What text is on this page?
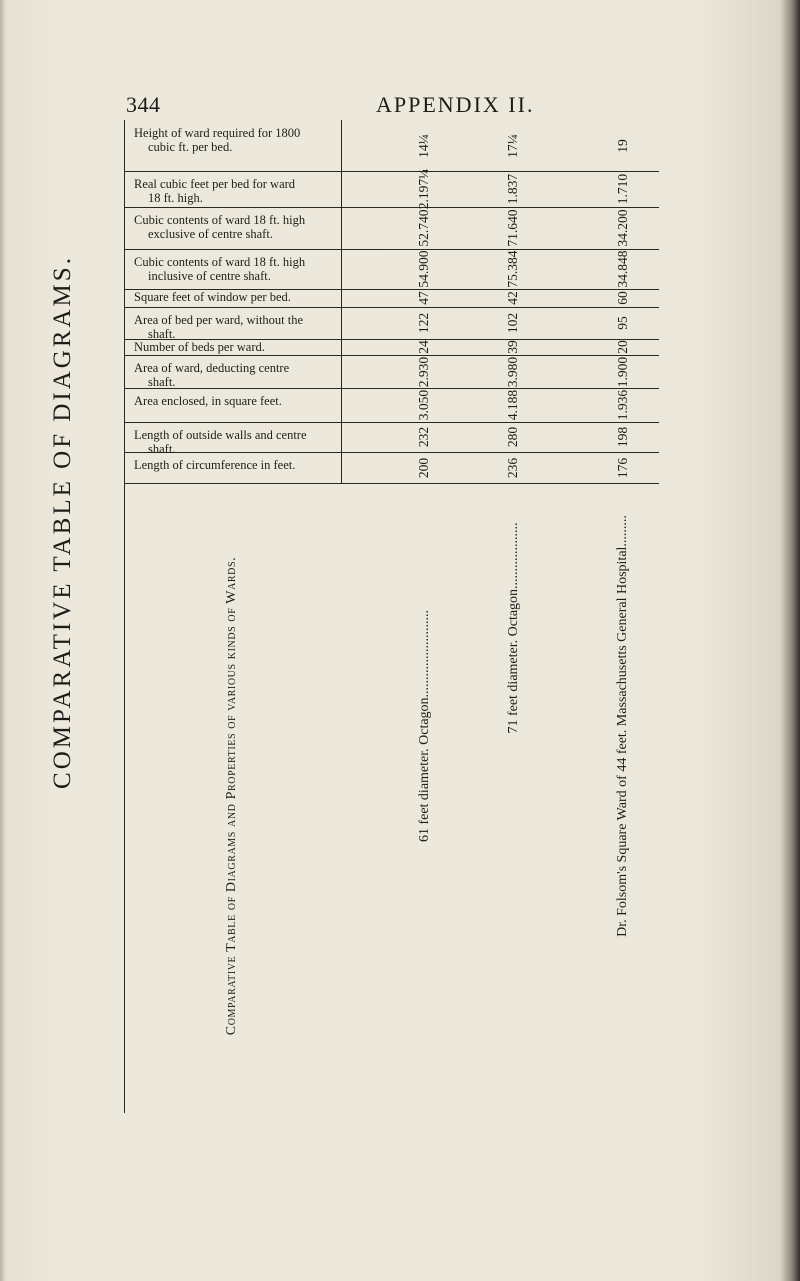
344	APPENDIX II.
COMPARATIVE TABLE OF DIAGRAMS.
Height of ward required for 1800
cubic ft. per bed.	14¼	17¼	19
Real cubic feet per bed for ward
18 ft. high.	2.197¼	1.837	1.710
Cubic contents of ward 18 ft. high
exclusive of centre shaft.	52.740	71.640	34.200
Cubic contents of ward 18 ft. high
inclusive of centre shaft.	54.900	75.384	34.848
Square feet of window per bed.	47	42	60
Area of bed per ward, without the
shaft.
122	102	95
Number of beds per ward.	24	39	20
Area of ward, deducting centre
shaft.	2.930	3.980	1.900
Area enclosed, in square feet.	3.050	4.188	1.936
Length of outside walls and centre
shaft.
232	280	198
Length of circumference in feet.	200	236	176
Comparative Table of Diagrams and Properties of various kinds of Wards.	61 feet diameter. Octagon.........................	71 feet diameter. Octagon...................	Dr. Folsom's Square Ward of 44 feet. Massachusetts General Hospital.........
